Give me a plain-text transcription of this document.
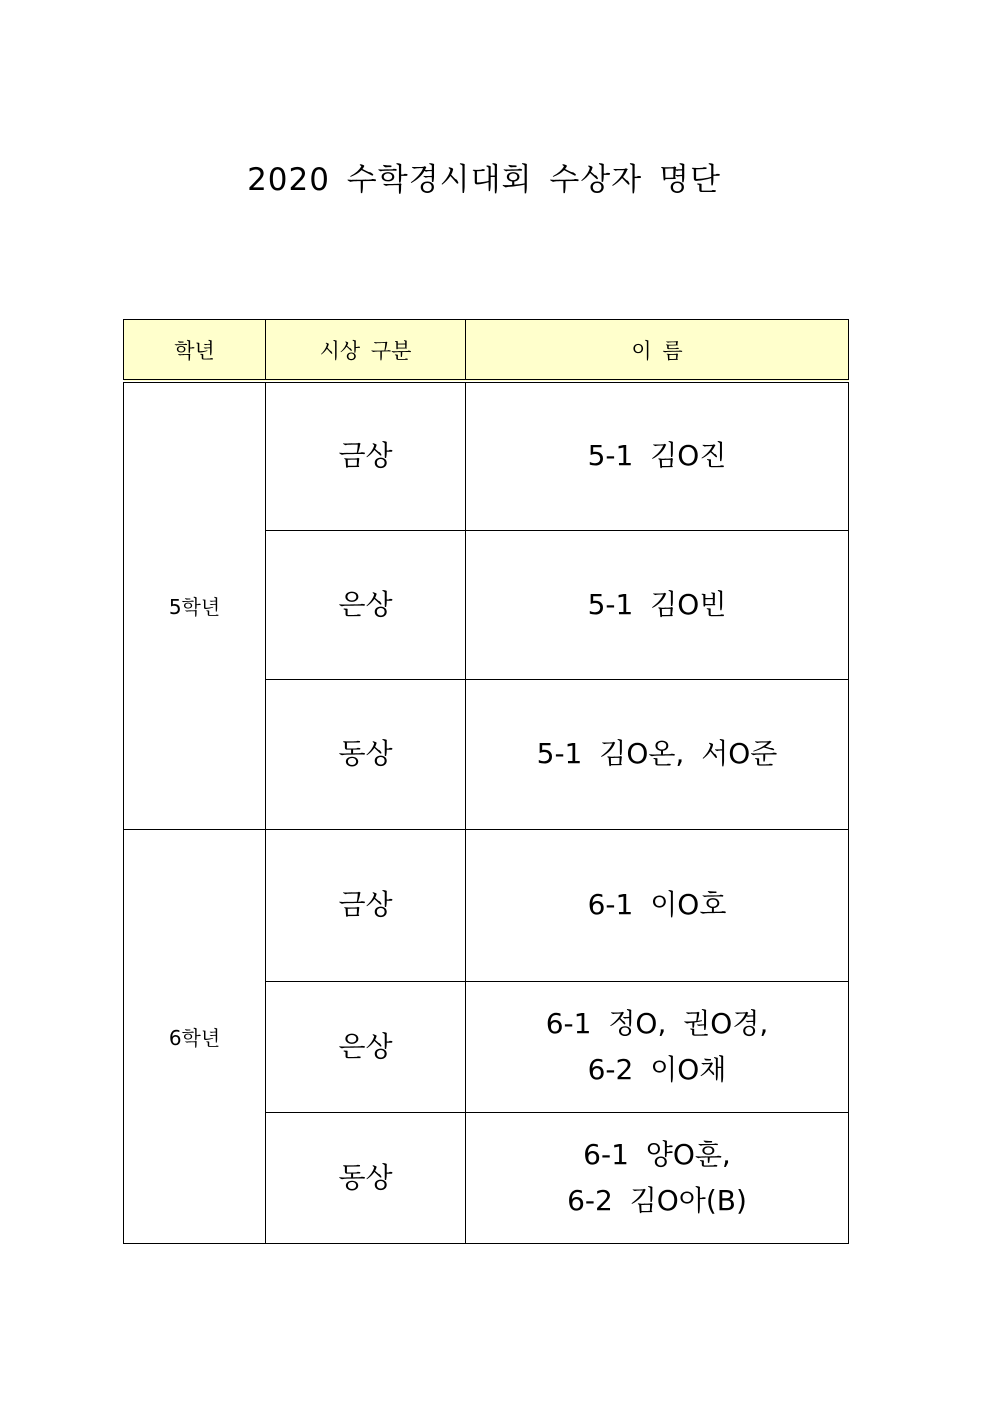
2020 수학경시대회 수상자 명단
학년	시상 구분	이 름
5학년	금상	5-1 김O진

	은상	5-1 김O빈

	동상	5-1 김O온, 서O준

6학년	금상	6-1 이O호

	은상	6-1 정O, 권O경,
6-2 이O채

	동상	6-1 양O훈,
6-2 김O아(B)
